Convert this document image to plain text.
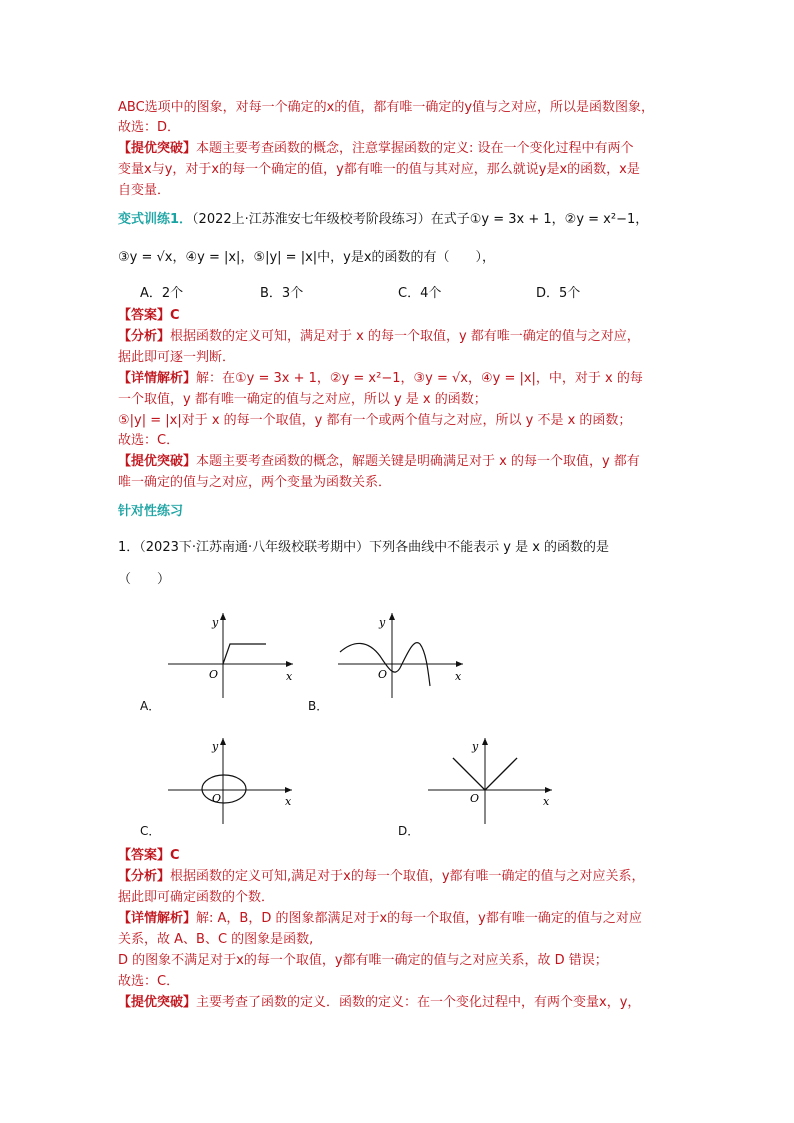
ABC选项中的图象，对每一个确定的x的值，都有唯一确定的y值与之对应，所以是函数图象，
故选：D．
【提优突破】本题主要考查函数的概念，注意掌握函数的定义: 设在一个变化过程中有两个
变量x与y，对于x的每一个确定的值，y都有唯一的值与其对应，那么就说y是x的函数，x是
自变量．
变式训练1．（2022上·江苏淮安七年级校考阶段练习）在式子①y = 3x + 1，②y = x²−1，
③y = √x，④y = |x|，⑤|y| = |x|中，y是x的函数的有（　　），
A．2个	B．3个	C．4个	D．5个
【答案】C
【分析】根据函数的定义可知，满足对于 x 的每一个取值，y 都有唯一确定的值与之对应，
据此即可逐一判断．
【详情解析】解：在①y = 3x + 1，②y = x²−1，③y = √x，④y = |x|，中，对于 x 的每
一个取值，y 都有唯一确定的值与之对应，所以 y 是 x 的函数；
⑤|y| = |x|对于 x 的每一个取值，y 都有一个或两个值与之对应，所以 y 不是 x 的函数；
故选：C．
【提优突破】本题主要考查函数的概念，解题关键是明确满足对于 x 的每一个取值，y 都有
唯一确定的值与之对应，两个变量为函数关系．
针对性练习
1．（2023下·江苏南通·八年级校联考期中）下列各曲线中不能表示 y 是 x 的函数的是
（　　）
y
x
O
A．
y
x
O
B．
y
x
O
C．
y
x
O
D．
【答案】C
【分析】根据函数的定义可知,满足对于x的每一个取值，y都有唯一确定的值与之对应关系，
据此即可确定函数的个数．
【详情解析】解: A，B，D 的图象都满足对于x的每一个取值，y都有唯一确定的值与之对应
关系，故 A、B、C 的图象是函数,
D 的图象不满足对于x的每一个取值，y都有唯一确定的值与之对应关系，故 D 错误；
故选：C．
【提优突破】主要考查了函数的定义．函数的定义：在一个变化过程中，有两个变量x，y，
